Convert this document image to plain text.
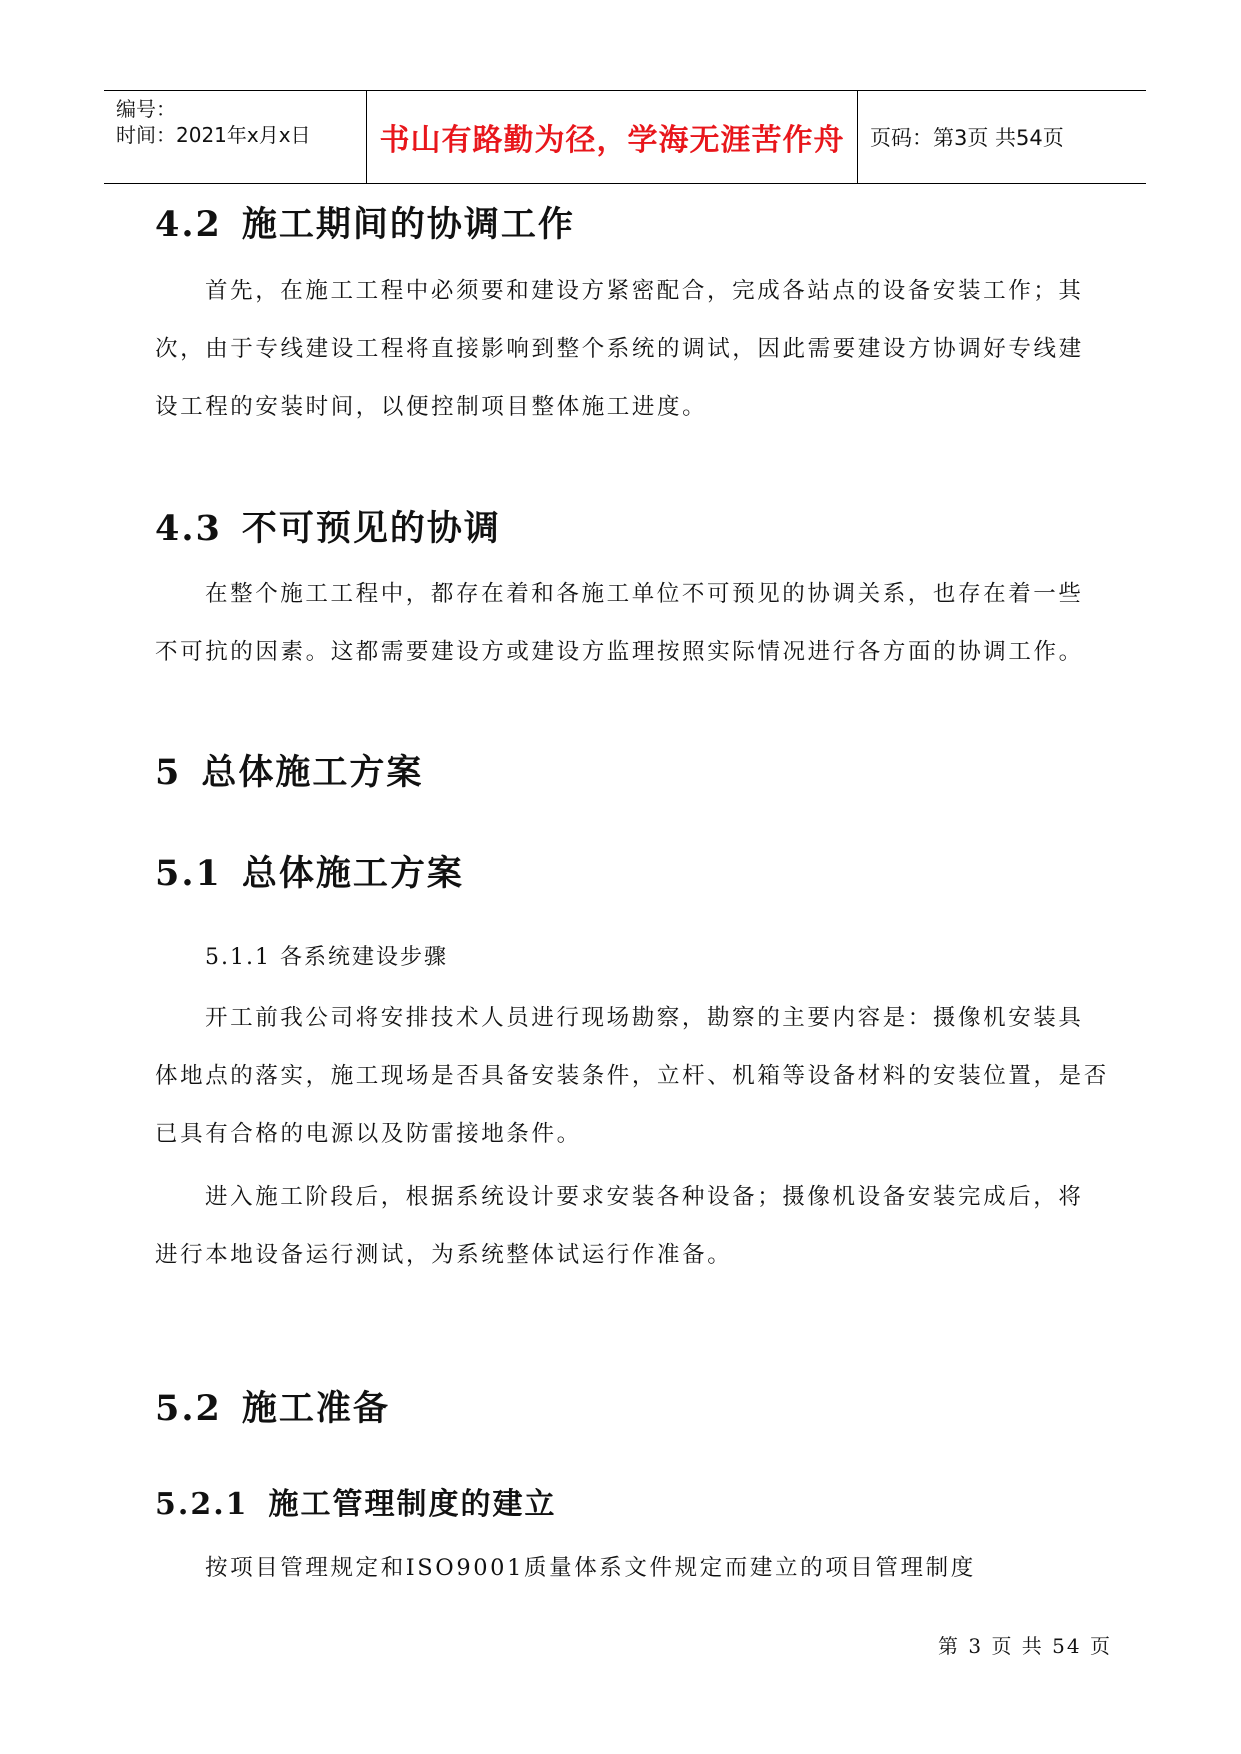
编号：
时间：2021年x月x日	书山有路勤为径，学海无涯苦作舟	页码：第3页 共54页
4.2 施工期间的协调工作
首先，在施工工程中必须要和建设方紧密配合，完成各站点的设备安装工作；其
次，由于专线建设工程将直接影响到整个系统的调试，因此需要建设方协调好专线建
设工程的安装时间，以便控制项目整体施工进度。
4.3 不可预见的协调
在整个施工工程中，都存在着和各施工单位不可预见的协调关系，也存在着一些
不可抗的因素。这都需要建设方或建设方监理按照实际情况进行各方面的协调工作。
5 总体施工方案
5.1 总体施工方案
5.1.1 各系统建设步骤
开工前我公司将安排技术人员进行现场勘察，勘察的主要内容是：摄像机安装具
体地点的落实，施工现场是否具备安装条件，立杆、机箱等设备材料的安装位置，是否
已具有合格的电源以及防雷接地条件。
进入施工阶段后，根据系统设计要求安装各种设备；摄像机设备安装完成后，将
进行本地设备运行测试，为系统整体试运行作准备。
5.2 施工准备
5.2.1 施工管理制度的建立
按项目管理规定和ISO9001质量体系文件规定而建立的项目管理制度
第 3 页 共 54 页
